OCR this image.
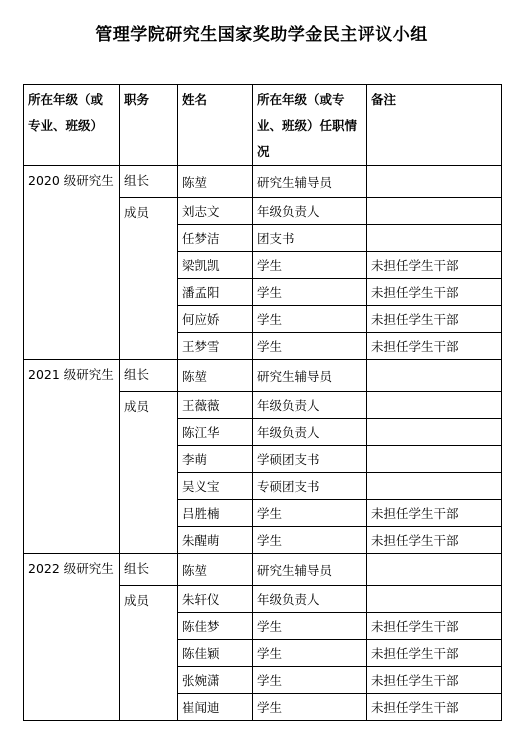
管理学院研究生国家奖助学金民主评议小组
所在年级（或专业、班级）	职务	姓名	所在年级（或专业、班级）任职情况	备注
2020 级研究生	组长	陈堃	研究生辅导员	
	成员	刘志文	年级负责人	
		任梦洁	团支书	
		梁凯凯	学生	未担任学生干部
		潘孟阳	学生	未担任学生干部
		何应娇	学生	未担任学生干部
		王梦雪	学生	未担任学生干部
2021 级研究生	组长	陈堃	研究生辅导员	
	成员	王薇薇	年级负责人	
		陈江华	年级负责人	
		李萌	学硕团支书	
		吴义宝	专硕团支书	
		吕胜楠	学生	未担任学生干部
		朱醒萌	学生	未担任学生干部
2022 级研究生	组长	陈堃	研究生辅导员	
	成员	朱轩仪	年级负责人	
		陈佳梦	学生	未担任学生干部
		陈佳颖	学生	未担任学生干部
		张婉潇	学生	未担任学生干部
		崔闻迪	学生	未担任学生干部
